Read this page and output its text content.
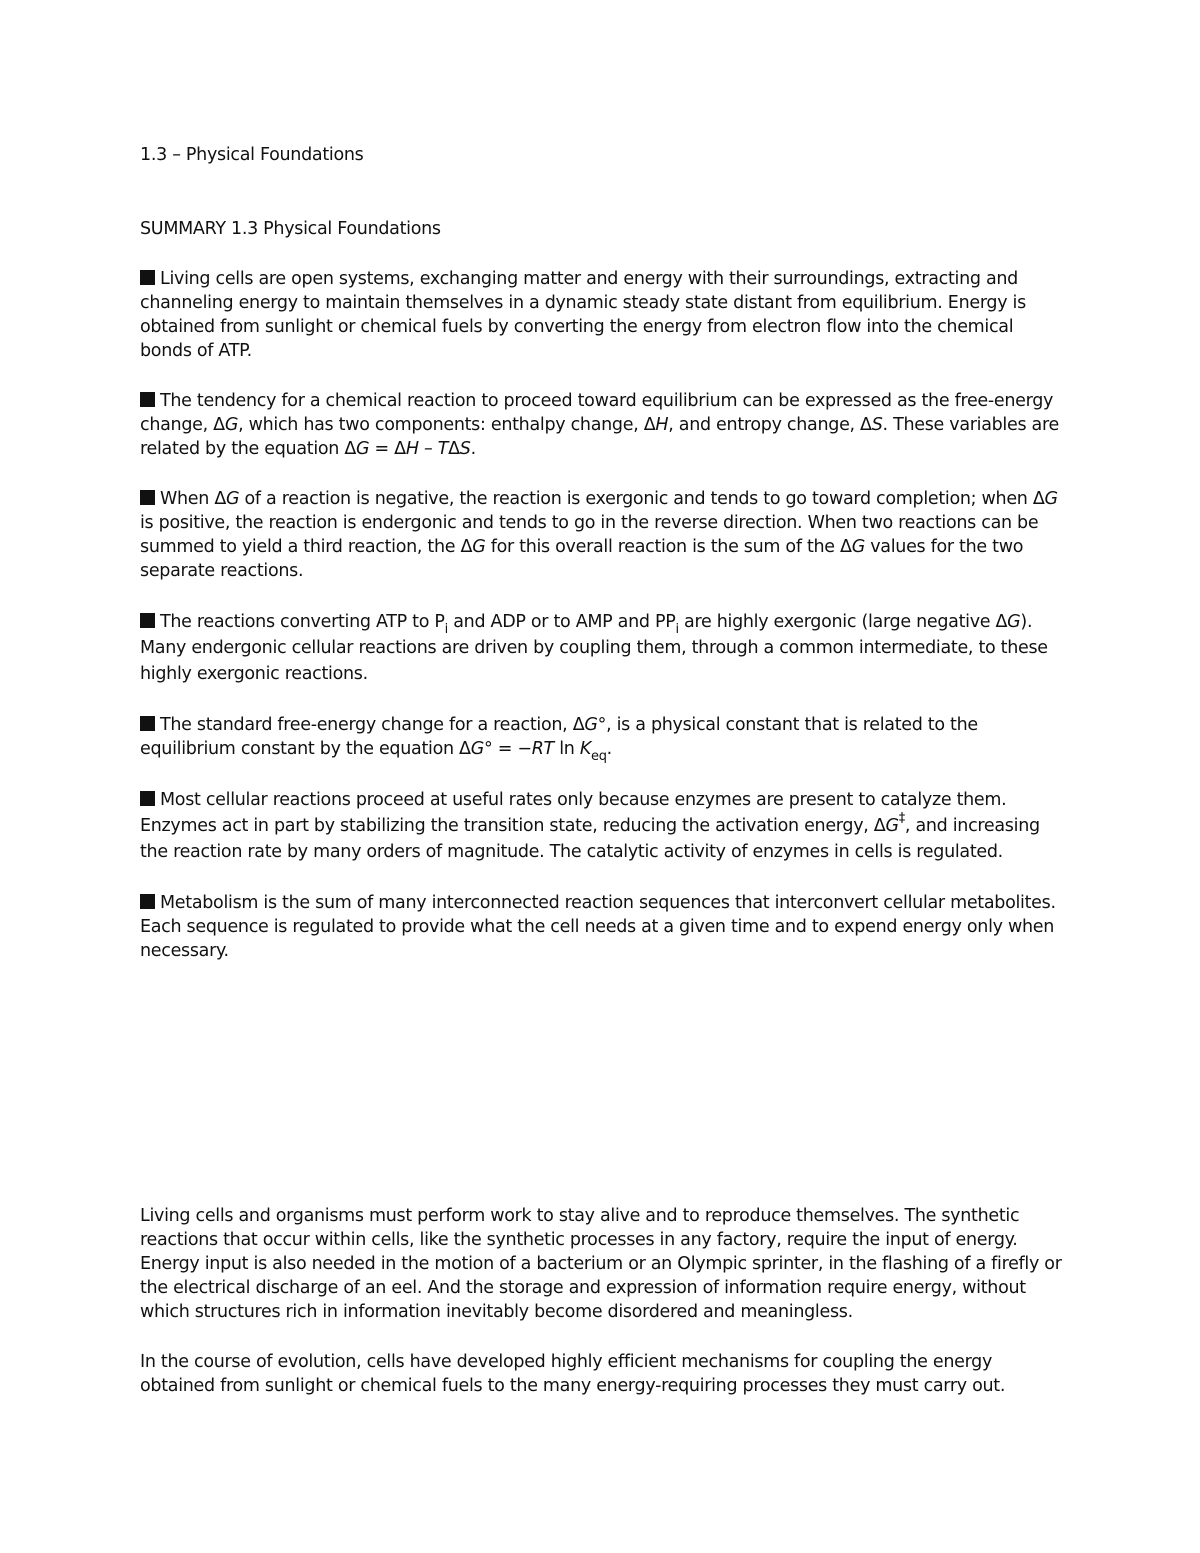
1.3 – Physical Foundations
SUMMARY 1.3 Physical Foundations
Living cells are open systems, exchanging matter and energy with their surroundings, extracting and channeling energy to maintain themselves in a dynamic steady state distant from equilibrium. Energy is obtained from sunlight or chemical fuels by converting the energy from electron flow into the chemical bonds of ATP.
The tendency for a chemical reaction to proceed toward equilibrium can be expressed as the free-energy change, ΔG, which has two components: enthalpy change, ΔH, and entropy change, ΔS. These variables are related by the equation ΔG = ΔH – TΔS.
When ΔG of a reaction is negative, the reaction is exergonic and tends to go toward completion; when ΔG is positive, the reaction is endergonic and tends to go in the reverse direction. When two reactions can be summed to yield a third reaction, the ΔG for this overall reaction is the sum of the ΔG values for the two separate reactions.
The reactions converting ATP to $P_i$ and ADP or to AMP and $PP_i$ are highly exergonic (large negative ΔG). Many endergonic cellular reactions are driven by coupling them, through a common intermediate, to these highly exergonic reactions.
The standard free-energy change for a reaction, ΔG°, is a physical constant that is related to the equilibrium constant by the equation ΔG° = −RT $\ln K_{eq}$.
Most cellular reactions proceed at useful rates only because enzymes are present to catalyze them. Enzymes act in part by stabilizing the transition state, reducing the activation energy, ΔG‡, and increasing the reaction rate by many orders of magnitude. The catalytic activity of enzymes in cells is regulated.
Metabolism is the sum of many interconnected reaction sequences that interconvert cellular metabolites. Each sequence is regulated to provide what the cell needs at a given time and to expend energy only when necessary.

Living cells and organisms must perform work to stay alive and to reproduce themselves. The synthetic reactions that occur within cells, like the synthetic processes in any factory, require the input of energy. Energy input is also needed in the motion of a bacterium or an Olympic sprinter, in the flashing of a firefly or the electrical discharge of an eel. And the storage and expression of information require energy, without which structures rich in information inevitably become disordered and meaningless.

In the course of evolution, cells have developed highly efficient mechanisms for coupling the energy obtained from sunlight or chemical fuels to the many energy-requiring processes they must carry out.
